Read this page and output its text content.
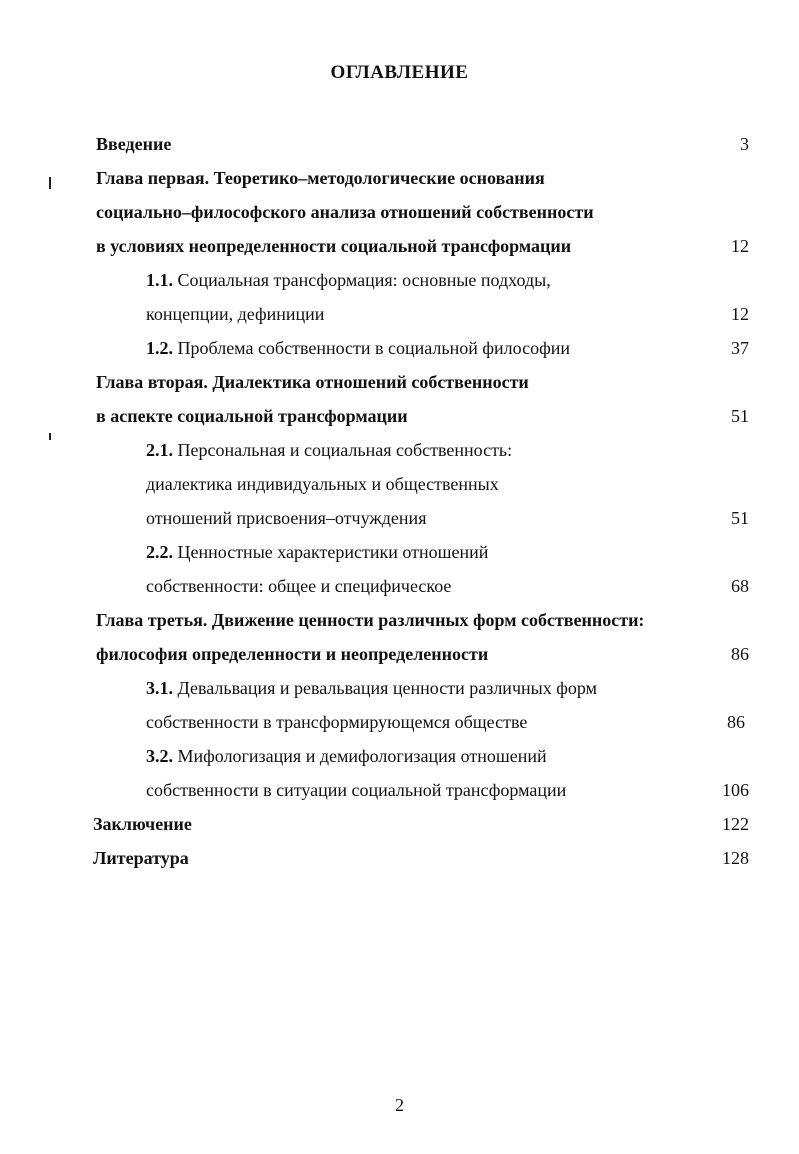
ОГЛАВЛЕНИЕ
Введение	3
Глава первая. Теоретико–методологические основания
социально–философского анализа отношений собственности
в условиях неопределенности социальной трансформации	12
1.1. Социальная трансформация: основные подходы,
концепции, дефиниции	12
1.2. Проблема собственности в социальной философии	37
Глава вторая. Диалектика отношений собственности
в аспекте социальной трансформации	51
2.1. Персональная и социальная собственность:
диалектика индивидуальных и общественных
отношений присвоения–отчуждения	51
2.2. Ценностные характеристики отношений
собственности: общее и специфическое	68
Глава третья. Движение ценности различных форм собственности:
философия определенности и неопределенности	86
3.1. Девальвация и ревальвация ценности различных форм
собственности в трансформирующемся обществе	86
3.2. Мифологизация и демифологизация отношений
собственности в ситуации социальной трансформации	106
Заключение	122
Литература	128
2
